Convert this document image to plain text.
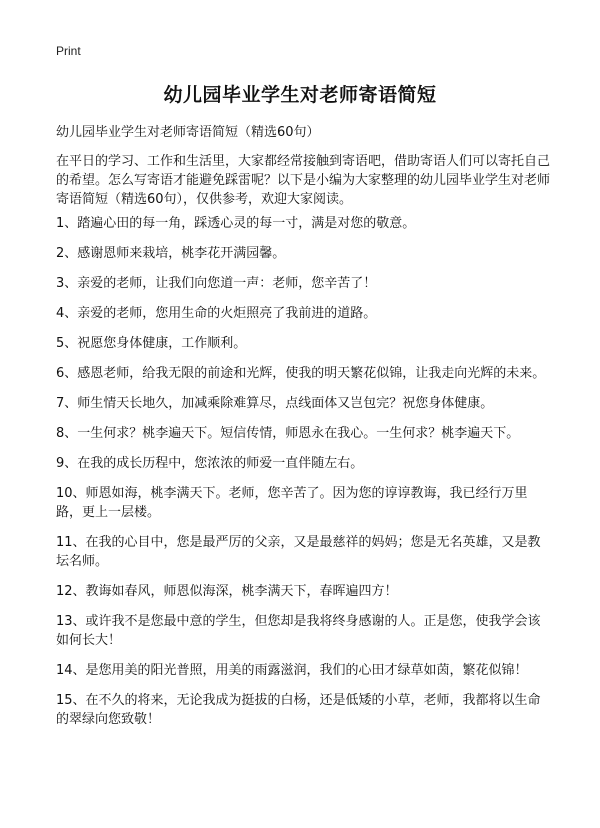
Print
幼儿园毕业学生对老师寄语简短
幼儿园毕业学生对老师寄语简短（精选60句）
在平日的学习、工作和生活里，大家都经常接触到寄语吧，借助寄语人们可以寄托自己的希望。怎么写寄语才能避免踩雷呢？以下是小编为大家整理的幼儿园毕业学生对老师寄语简短（精选60句），仅供参考，欢迎大家阅读。
1、踏遍心田的每一角，踩透心灵的每一寸，满是对您的敬意。
2、感谢恩师来栽培，桃李花开满园馨。
3、亲爱的老师，让我们向您道一声：老师，您辛苦了！
4、亲爱的老师，您用生命的火炬照亮了我前进的道路。
5、祝愿您身体健康，工作顺利。
6、感恩老师，给我无限的前途和光辉，使我的明天繁花似锦，让我走向光辉的未来。
7、师生情天长地久，加减乘除难算尽，点线面体又岂包完？祝您身体健康。
8、一生何求？桃李遍天下。短信传情，师恩永在我心。一生何求？桃李遍天下。
9、在我的成长历程中，您浓浓的师爱一直伴随左右。
10、师恩如海，桃李满天下。老师，您辛苦了。因为您的谆谆教诲，我已经行万里路，更上一层楼。
11、在我的心目中，您是最严厉的父亲，又是最慈祥的妈妈；您是无名英雄，又是教坛名师。
12、教诲如春风，师恩似海深，桃李满天下，春晖遍四方！
13、或许我不是您最中意的学生，但您却是我将终身感谢的人。正是您，使我学会该如何长大！
14、是您用美的阳光普照，用美的雨露滋润，我们的心田才绿草如茵，繁花似锦！
15、在不久的将来，无论我成为挺拔的白杨，还是低矮的小草，老师，我都将以生命的翠绿向您致敬！
